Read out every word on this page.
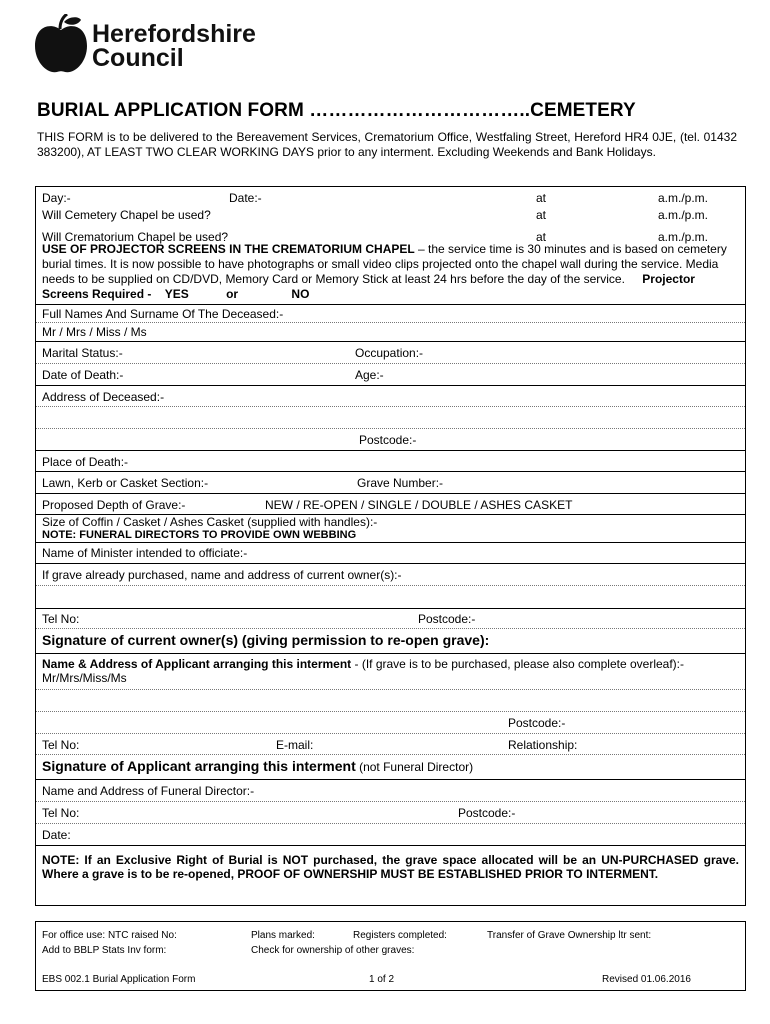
Herefordshire
Council
BURIAL APPLICATION FORM ……………………………..CEMETERY
THIS FORM is to be delivered to the Bereavement Services, Crematorium Office, Westfaling Street, Hereford HR4 0JE, (tel. 01432 383200), AT LEAST TWO CLEAR WORKING DAYS prior to any interment. Excluding Weekends and Bank Holidays.
Day:-	Date:-	at	a.m./p.m.
Will Cemetery Chapel be used?	at	a.m./p.m.
Will Crematorium Chapel be used?	at	a.m./p.m.
USE OF PROJECTOR SCREENS IN THE CREMATORIUM CHAPEL – the service time is 30 minutes and is based on cemetery burial times. It is now possible to have photographs or small video clips projected onto the chapel wall during the service. Media needs to be supplied on CD/DVD, Memory Card or Memory Stick at least 24 hrs before the day of the service. Projector Screens Required - YES	or	NO
Full Names And Surname Of The Deceased:-
Mr / Mrs / Miss / Ms
Marital Status:-	Occupation:-
Date of Death:-	Age:-
Address of Deceased:-
Postcode:-
Place of Death:-
Lawn, Kerb or Casket Section:-	Grave Number:-
Proposed Depth of Grave:-	NEW / RE-OPEN / SINGLE / DOUBLE / ASHES CASKET
Size of Coffin / Casket / Ashes Casket (supplied with handles):-
NOTE: FUNERAL DIRECTORS TO PROVIDE OWN WEBBING
Name of Minister intended to officiate:-
If grave already purchased, name and address of current owner(s):-
Tel No:	Postcode:-
Signature of current owner(s) (giving permission to re-open grave):
Name & Address of Applicant arranging this interment - (If grave is to be purchased, please also complete overleaf):-
Mr/Mrs/Miss/Ms
Postcode:-
Tel No:	E-mail:	Relationship:
Signature of Applicant arranging this interment (not Funeral Director)
Name and Address of Funeral Director:-
Tel No:	Postcode:-
Date:
NOTE: If an Exclusive Right of Burial is NOT purchased, the grave space allocated will be an UN-PURCHASED grave. Where a grave is to be re-opened, PROOF OF OWNERSHIP MUST BE ESTABLISHED PRIOR TO INTERMENT.
For office use: NTC raised No:	Plans marked:	Registers completed:	Transfer of Grave Ownership ltr sent:
Add to BBLP Stats Inv form:	Check for ownership of other graves:
EBS 002.1 Burial Application Form	1 of 2	Revised 01.06.2016
